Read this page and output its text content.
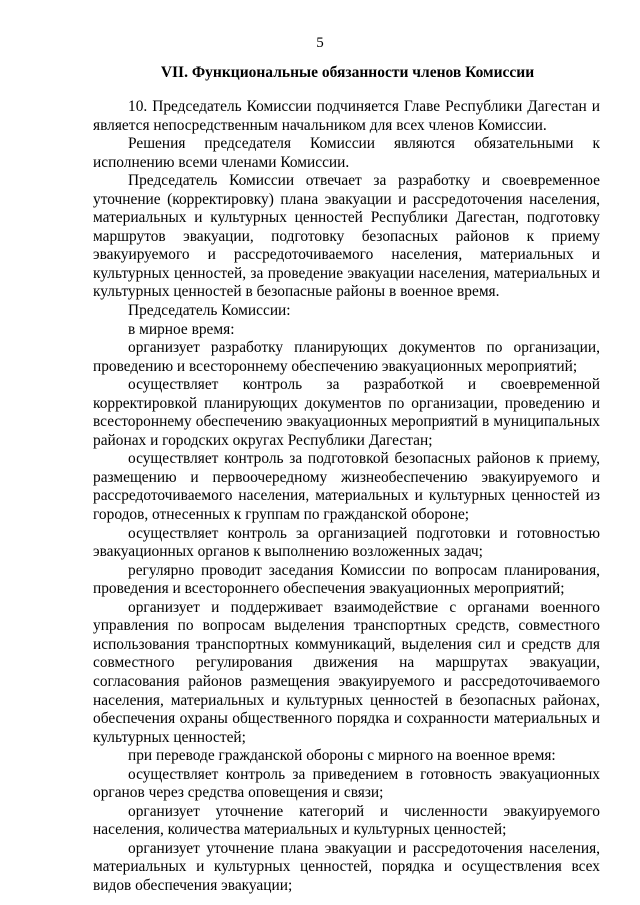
5
VII. Функциональные обязанности членов Комиссии

10. Председатель Комиссии подчиняется Главе Республики Дагестан и является непосредственным начальником для всех членов Комиссии.

Решения председателя Комиссии являются обязательными к исполнению всеми членами Комиссии.

Председатель Комиссии отвечает за разработку и своевременное уточнение (корректировку) плана эвакуации и рассредоточения населения, материальных и культурных ценностей Республики Дагестан, подготовку маршрутов эвакуации, подготовку безопасных районов к приему эвакуируемого и рассредоточиваемого населения, материальных и культурных ценностей, за проведение эвакуации населения, материальных и культурных ценностей в безопасные районы в военное время.

Председатель Комиссии:

в мирное время:

организует разработку планирующих документов по организации, проведению и всестороннему обеспечению эвакуационных мероприятий;

осуществляет контроль за разработкой и своевременной корректировкой планирующих документов по организации, проведению и всестороннему обеспечению эвакуационных мероприятий в муниципальных районах и городских округах Республики Дагестан;

осуществляет контроль за подготовкой безопасных районов к приему, размещению и первоочередному жизнеобеспечению эвакуируемого и рассредоточиваемого населения, материальных и культурных ценностей из городов, отнесенных к группам по гражданской обороне;

осуществляет контроль за организацией подготовки и готовностью эвакуационных органов к выполнению возложенных задач;

регулярно проводит заседания Комиссии по вопросам планирования, проведения и всестороннего обеспечения эвакуационных мероприятий;

организует и поддерживает взаимодействие с органами военного управления по вопросам выделения транспортных средств, совместного использования транспортных коммуникаций, выделения сил и средств для совместного регулирования движения на маршрутах эвакуации, согласования районов размещения эвакуируемого и рассредоточиваемого населения, материальных и культурных ценностей в безопасных районах, обеспечения охраны общественного порядка и сохранности материальных и культурных ценностей;

при переводе гражданской обороны с мирного на военное время:

осуществляет контроль за приведением в готовность эвакуационных органов через средства оповещения и связи;

организует уточнение категорий и численности эвакуируемого населения, количества материальных и культурных ценностей;

организует уточнение плана эвакуации и рассредоточения населения, материальных и культурных ценностей, порядка и осуществления всех видов обеспечения эвакуации;
